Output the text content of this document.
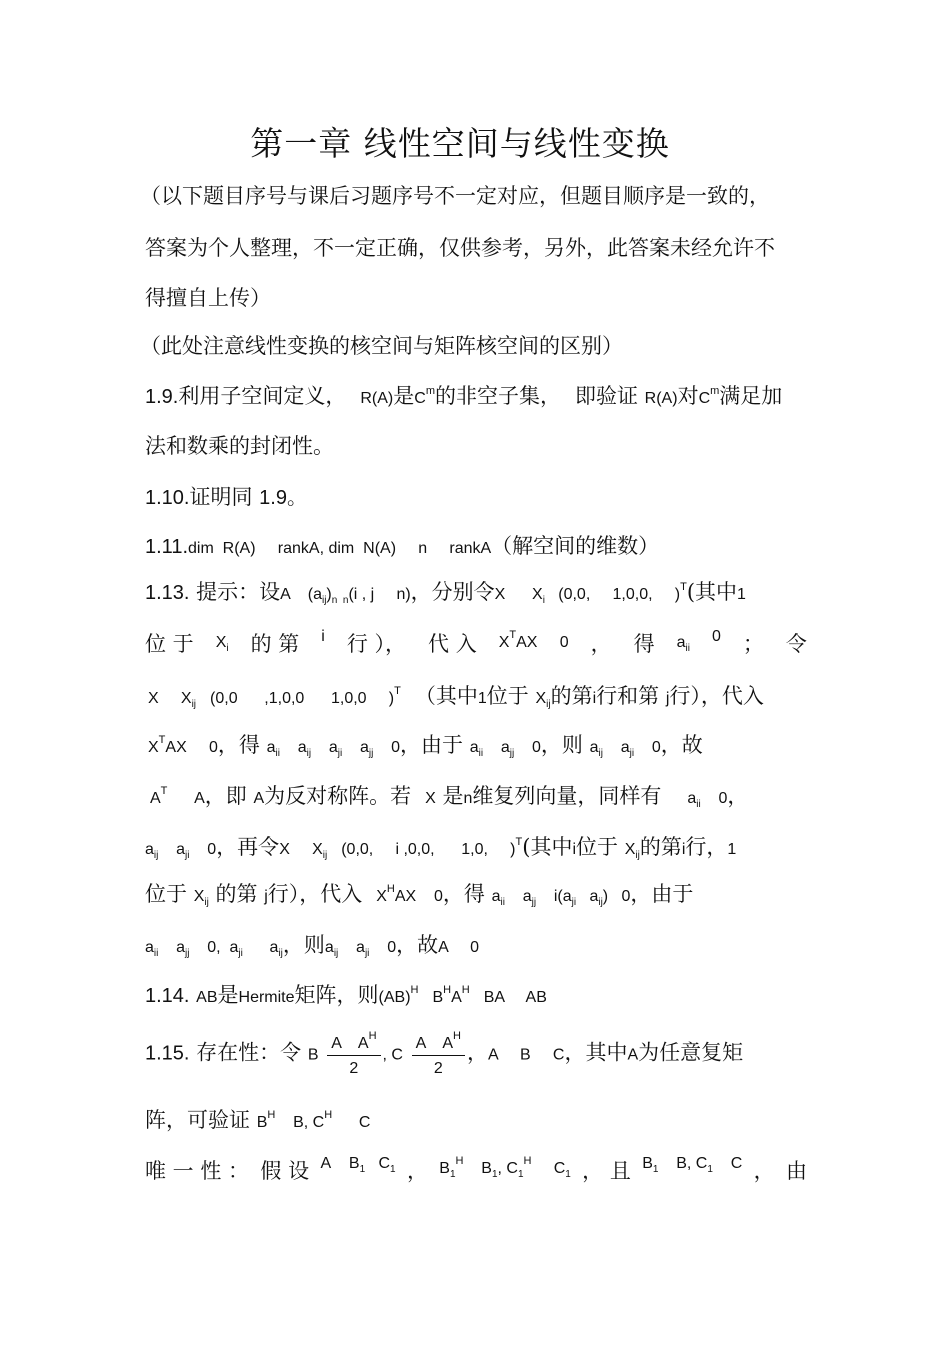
第一章 线性空间与线性变换
（以下题目序号与课后习题序号不一定对应，但题目顺序是一致的，
答案为个人整理，不一定正确，仅供参考，另外，此答案未经允许不
得擅自上传）
（此处注意线性变换的核空间与矩阵核空间的区别）
1.9.利用子空间定义， R(A)是$C^m$的非空子集， 即验证 R(A)对$C^m$满足加
法和数乘的封闭性。
1.10.证明同 1.9。
1.11.dim  R(A)     rankA, dim  N(A)     n     rankA（解空间的维数）
1.13. 提示：设A    $(a_{ij})_{n n}(i$ , j     n)，分别令X      $X_i$   (0,0,     1,0,0,     )$^T$(其中1
位 于 $X_i$ 的 第 i 行 ）， 代 入 $X^TAX$     0 ， 得 $a_{ii}$
0 ； 令
X     $X_{ij}$ (0,0      ,1,0,0      1,0,0     )$^T$ （其中1位于 $X_{ij}$的第i行和第 j行），代入
$X^TAX$     0，得 $a_{ii}$    $a_{ij}$    $a_{ji}$    $a_{jj}$    0，由于 $a_{ii}$    $a_{jj}$    0，则 $a_{ij}$    $a_{ji}$    0，故
$A^T$      A，即 A为反对称阵。若 X 是n维复列向量，同样有 $a_{ii}$    0，
$a_{ij}$    $a_{ji}$    0，再令X     $X_{ij}$ (0,0,     i ,0,0,      1,0,     )$^T$(其中i位于 $X_{ij}$的第i行，1
位于 $X_{ij}$ 的第 j行），代入 $X^HAX$    0，得 $a_{ii}$    $a_{jj}$    $i(a_{ji}$   $a_{ij}$)   0，由于
$a_{ii}$    $a_{jj}$    0,  $a_{ji}$      $a_{ij}$，则$a_{ij}$    $a_{ji}$    0，故A     0
1.14. AB是Hermite矩阵，则(AB)$^H$ $B^HA^H$ BA     AB
1.15. 存在性：令 B $\frac{A A^H}{2}$ , C $\frac{A A^H}{2}$ ，A     B     C，其中A为任意复矩
阵，可验证 $B^H$    B, $C^H$      C
唯 一 性 ： 假 设 A    $B_1$   $C_1$ ， $B_1^H$    $B_1$, $C_1^H$     $C_1$ ， 且 $B_1$    B, $C_1$    C ， 由
